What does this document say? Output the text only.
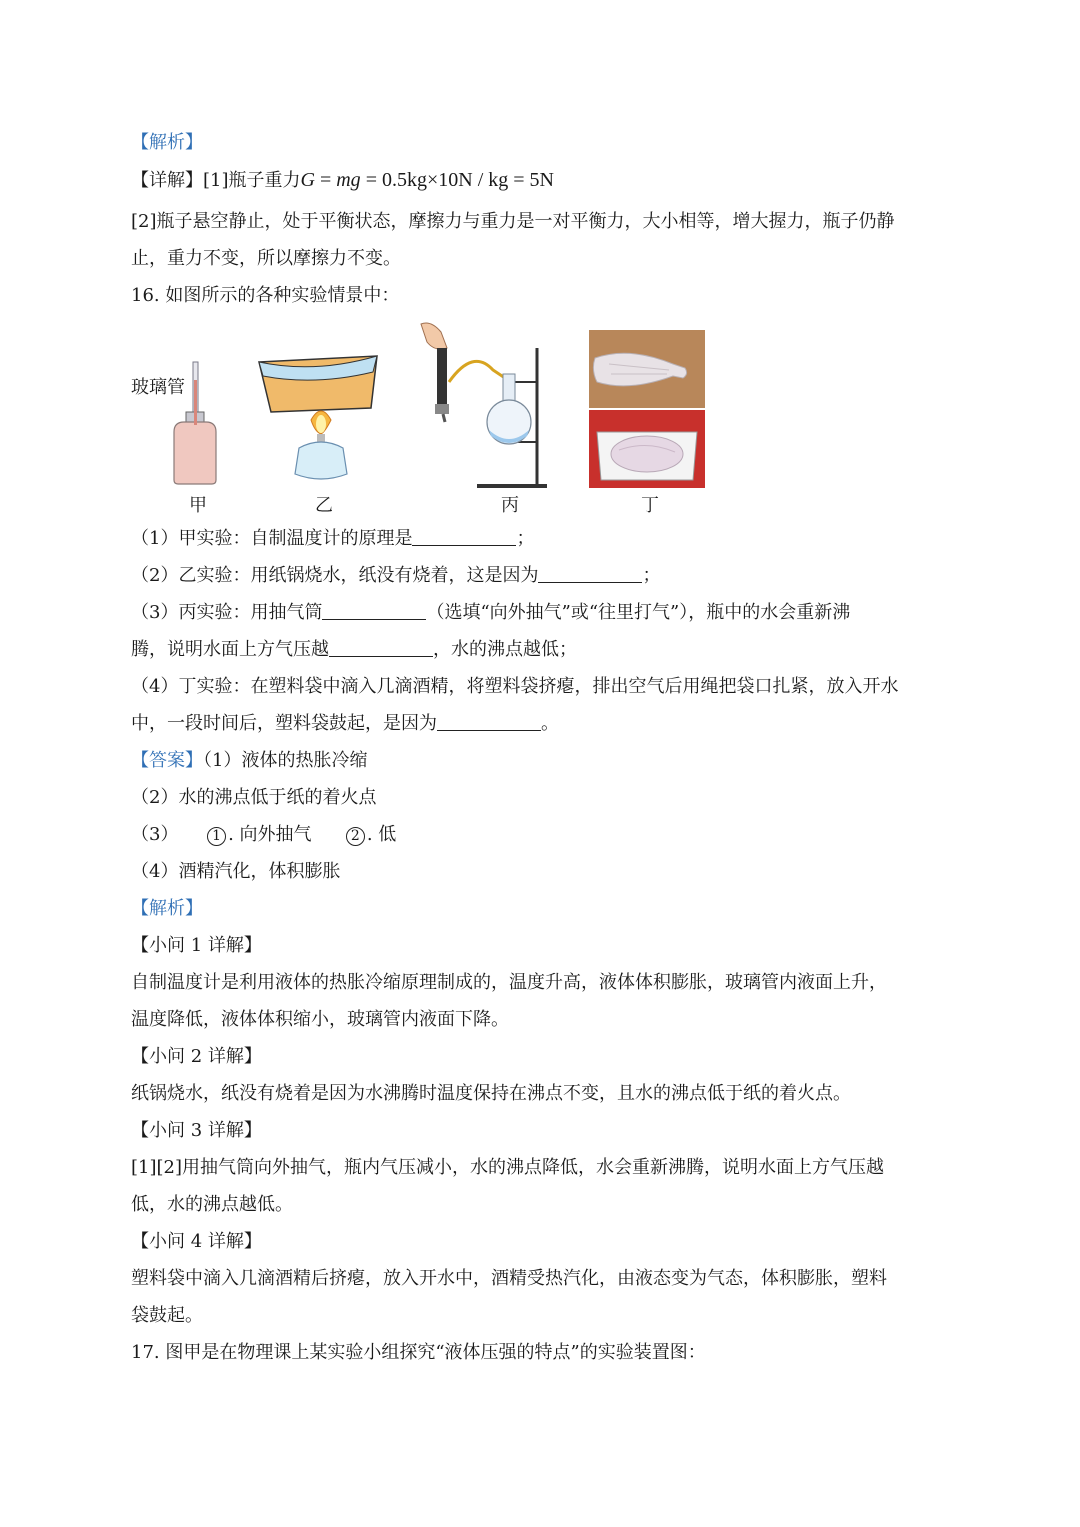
【解析】
【详解】[1]瓶子重力G = mg = 0.5kg×10N / kg = 5N
[2]瓶子悬空静止，处于平衡状态，摩擦力与重力是一对平衡力，大小相等，增大握力，瓶子仍静
止，重力不变，所以摩擦力不变。
16. 如图所示的各种实验情景中：
玻璃管
甲	乙	丙	丁
（1）甲实验：自制温度计的原理是	；
（2）乙实验：用纸锅烧水，纸没有烧着，这是因为	；
（3）丙实验：用抽气筒	（选填“向外抽气”或“往里打气”），瓶中的水会重新沸
腾，说明水面上方气压越	，水的沸点越低；
（4）丁实验：在塑料袋中滴入几滴酒精，将塑料袋挤瘪，排出空气后用绳把袋口扎紧，放入开水
中，一段时间后，塑料袋鼓起，是因为	。
【答案】（1）液体的热胀冷缩
（2）水的沸点低于纸的着火点
（3） 1 . 向外抽气	2 . 低
（4）酒精汽化，体积膨胀
【解析】
【小问 1 详解】
自制温度计是利用液体的热胀冷缩原理制成的，温度升高，液体体积膨胀，玻璃管内液面上升，
温度降低，液体体积缩小，玻璃管内液面下降。
【小问 2 详解】
纸锅烧水，纸没有烧着是因为水沸腾时温度保持在沸点不变，且水的沸点低于纸的着火点。
【小问 3 详解】
[1][2]用抽气筒向外抽气，瓶内气压减小，水的沸点降低，水会重新沸腾，说明水面上方气压越
低，水的沸点越低。
【小问 4 详解】
塑料袋中滴入几滴酒精后挤瘪，放入开水中，酒精受热汽化，由液态变为气态，体积膨胀，塑料
袋鼓起。
17. 图甲是在物理课上某实验小组探究“液体压强的特点”的实验装置图：
